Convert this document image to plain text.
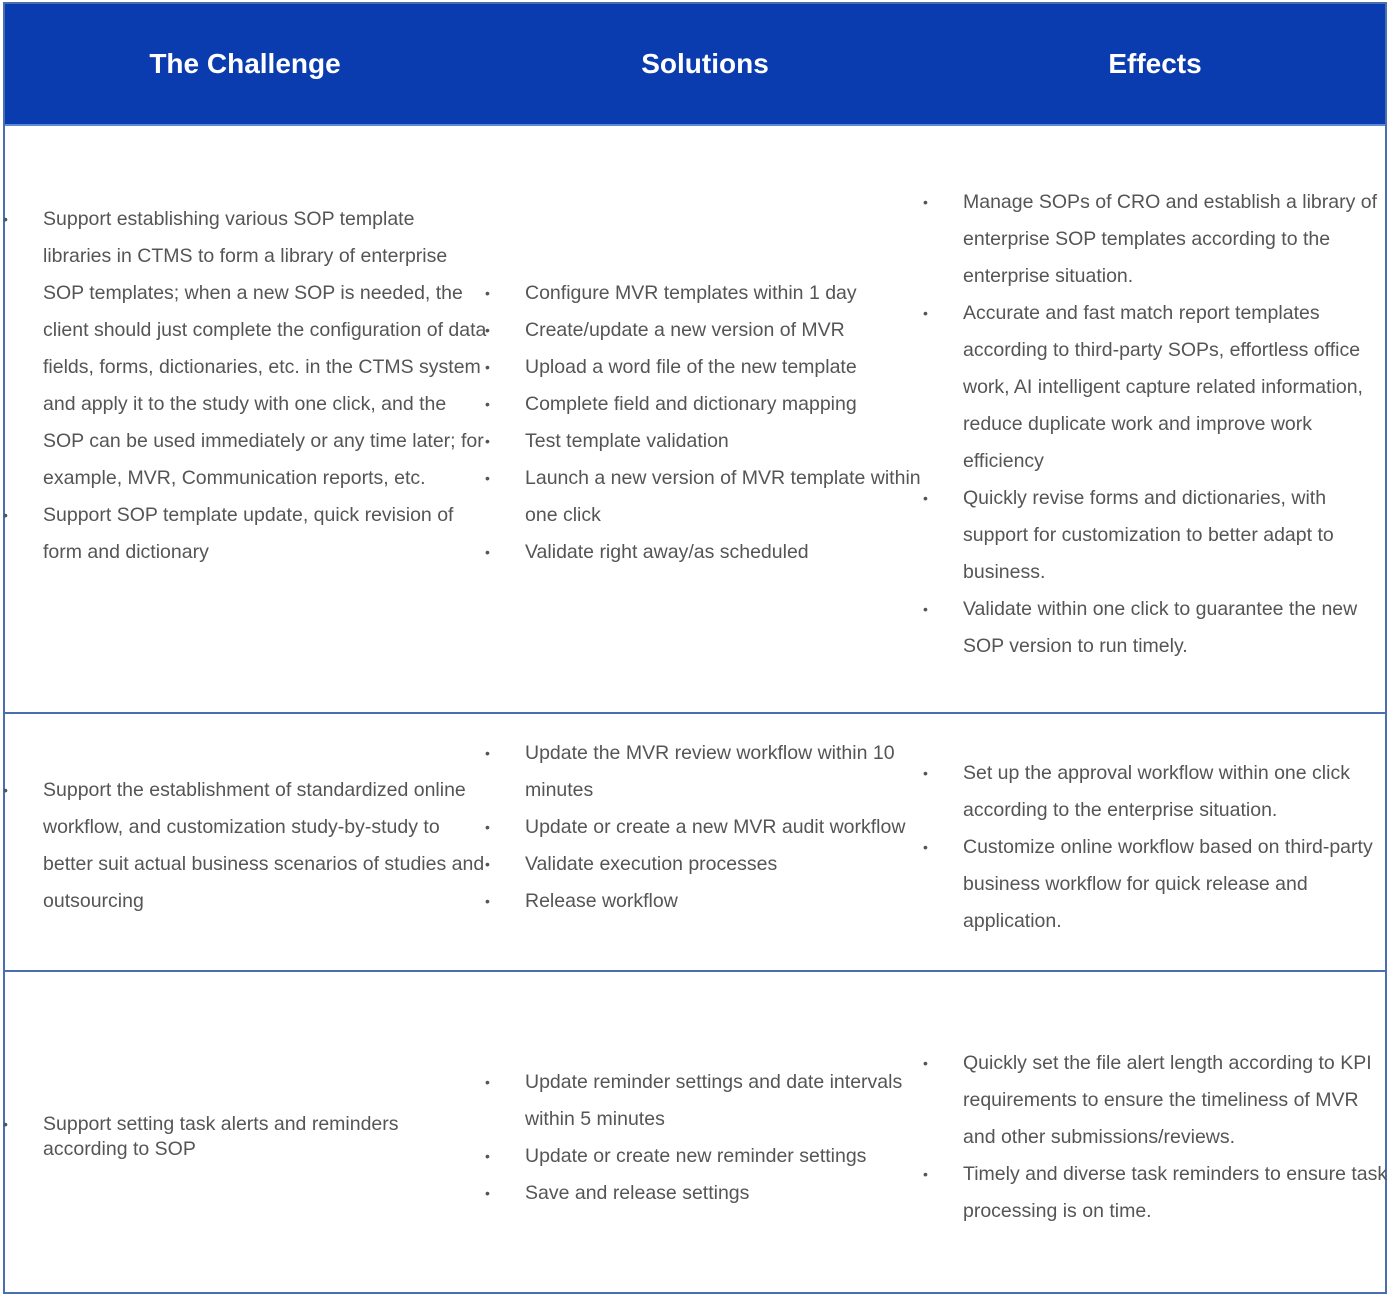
The Challenge	Solutions	Effects
• Support establishing various SOP template libraries in CTMS to form a library of enterprise SOP templates; when a new SOP is needed, the client should just complete the configuration of data fields, forms, dictionaries, etc. in the CTMS system and apply it to the study with one click, and the SOP can be used immediately or any time later; for example, MVR, Communication reports, etc.
• Support SOP template update, quick revision of form and dictionary
• Configure MVR templates within 1 day
• Create/update a new version of MVR
• Upload a word file of the new template
• Complete field and dictionary mapping
• Test template validation
• Launch a new version of MVR template within one click
• Validate right away/as scheduled
• Manage SOPs of CRO and establish a library of enterprise SOP templates according to the enterprise situation.
• Accurate and fast match report templates according to third-party SOPs, effortless office work, AI intelligent capture related information, reduce duplicate work and improve work efficiency
• Quickly revise forms and dictionaries, with support for customization to better adapt to business.
• Validate within one click to guarantee the new SOP version to run timely.
• Support the establishment of standardized online workflow, and customization study-by-study to better suit actual business scenarios of studies and outsourcing
• Update the MVR review workflow within 10 minutes
• Update or create a new MVR audit workflow
• Validate execution processes
• Release workflow
• Set up the approval workflow within one click according to the enterprise situation.
• Customize online workflow based on third-party business workflow for quick release and application.
• Support setting task alerts and reminders according to SOP
• Update reminder settings and date intervals within 5 minutes
• Update or create new reminder settings
• Save and release settings
• Quickly set the file alert length according to KPI requirements to ensure the timeliness of MVR and other submissions/reviews.
• Timely and diverse task reminders to ensure task processing is on time.
